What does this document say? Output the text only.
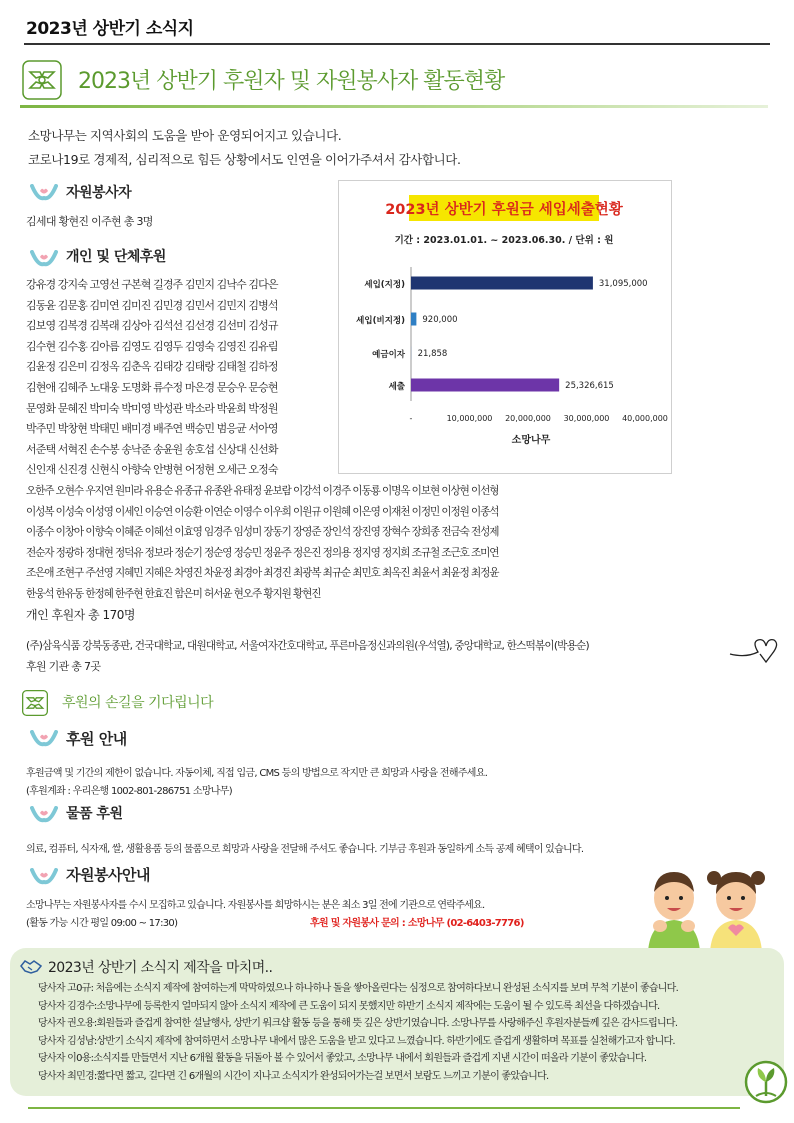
2023년 상반기 소식지
2023년 상반기 후원자 및 자원봉사자 활동현황
소망나무는 지역사회의 도움을 받아 운영되어지고 있습니다.
코로나19로 경제적, 심리적으로 힘든 상황에서도 인연을 이어가주셔서 감사합니다.
자원봉사자
김세대 황현진 이주현 총 3명
개인 및 단체후원
강유경 강지숙 고영선 구본혁 길경주 김민지 김낙수 김다은
김동윤 김문홍 김미연 김미진 김민경 김민서 김민지 김병석
김보영 김복경 김복래 김상아 김석선 김선경 김선미 김성규
김수현 김수홍 김아름 김영도 김영두 김영숙 김영진 김유림
김윤정 김은미 김정옥 김춘옥 김태강 김태랑 김태철 김하정
김현애 김혜주 노대웅 도명화 류수정 마은경 문승우 문승현
문영화 문혜진 박미숙 박미영 박성관 박소라 박윤희 박정원
박주민 박창현 박태민 배미경 배주연 백승민 범응균 서아영
서준택 서혁진 손수봉 송낙준 송윤원 송호섭 신상대 신선화
신인재 신진경 신현식 아향숙 안병현 어정현 오세근 오정숙
오한주 오현수 우지연 원미라 유용순 유종규 유종완 유태정 윤보람 이강석 이경주 이동룡 이명옥 이보현 이상현 이선형
이성복 이성숙 이성영 이세인 이승연 이승환 이연순 이영수 이우희 이원규 이원혜 이은영 이재천 이정민 이정원 이종석
이종수 이창아 이향숙 이혜준 이혜선 이효영 임경주 임성미 장동기 장영준 장인석 장진영 장혁수 장희종 전금숙 전성제
전순자 정광하 정대현 정덕유 정보라 정순기 정순영 정승민 정윤주 정은진 정의용 정지영 정지희 조규철 조근호 조미연
조은애 조현구 주선영 지혜민 지혜은 차영진 차윤정 최경아 최경진 최광복 최규순 최민호 최옥진 최윤서 최윤정 최정윤
한웅석 한유동 한정혜 한주현 한효진 함은미 허서윤 현오주 황지원 황현진
개인 후원자 총 170명
(주)삼육식품 강북동종판, 건국대학교, 대원대학교, 서울여자간호대학교, 푸른마음정신과의원(우석열), 중앙대학교, 한스떡볶이(박용순)
후원 기관 총 7곳
2023년 상반기 후원금 세입세출현황
기간 : 2023.01.01. ~ 2023.06.30. / 단위 : 원
세입(지정)	31,095,000
세입(비지정) 920,000
예금이자 21,858
세출	25,326,615
-	10,000,000 20,000,000 30,000,000 40,000,000
소망나무
후원의 손길을 기다립니다
후원 안내
후원금액 및 기간의 제한이 없습니다. 자동이체, 직접 입금, CMS 등의 방법으로 작지만 큰 희망과 사랑을 전해주세요.
(후원계좌 : 우리은행 1002-801-286751 소망나무)
물품 후원
의료, 컴퓨터, 식자재, 쌀, 생활용품 등의 물품으로 희망과 사랑을 전달해 주셔도 좋습니다. 기부금 후원과 동일하게 소득 공제 혜택이 있습니다.
자원봉사안내
소망나무는 자원봉사자를 수시 모집하고 있습니다. 자원봉사를 희망하시는 분은 최소 3일 전에 기관으로 연락주세요.
(활동 가능 시간 평일 09:00 ~ 17:30)	후원 및 자원봉사 문의 : 소망나무 (02-6403-7776)
2023년 상반기 소식지 제작을 마치며..
당사자 고0규: 처음에는 소식지 제작에 참여하는게 막막하였으나 하나하나 돌을 쌓아올린다는 심정으로 참여하다보니 완성된 소식지를 보며 무척 기분이 좋습니다.
당사자 김경수:소망나무에 등록한지 얼마되지 않아 소식지 제작에 큰 도움이 되지 못했지만 하반기 소식지 제작에는 도움이 될 수 있도록 최선을 다하겠습니다.
당사자 권오용:회원들과 즐겁게 참여한 설날행사, 상반기 워크샵 활동 등을 통해 뜻 깊은 상반기였습니다. 소망나무를 사랑해주신 후원자분들께 깊은 감사드립니다.
당사자 김성남:상반기 소식지 제작에 참여하면서 소망나무 내에서 많은 도움을 받고 있다고 느꼈습니다. 하반기에도 즐겁게 생활하며 목표를 실천해가고자 합니다.
당사자 이0용:소식지를 만들면서 지난 6개월 활동을 뒤돌아 볼 수 있어서 좋았고, 소망나무 내에서 회원들과 즐겁게 지낸 시간이 떠올라 기분이 좋았습니다.
당사자 최민경:짧다면 짧고, 길다면 긴 6개월의 시간이 지나고 소식지가 완성되어가는걸 보면서 보람도 느끼고 기분이 좋았습니다.
